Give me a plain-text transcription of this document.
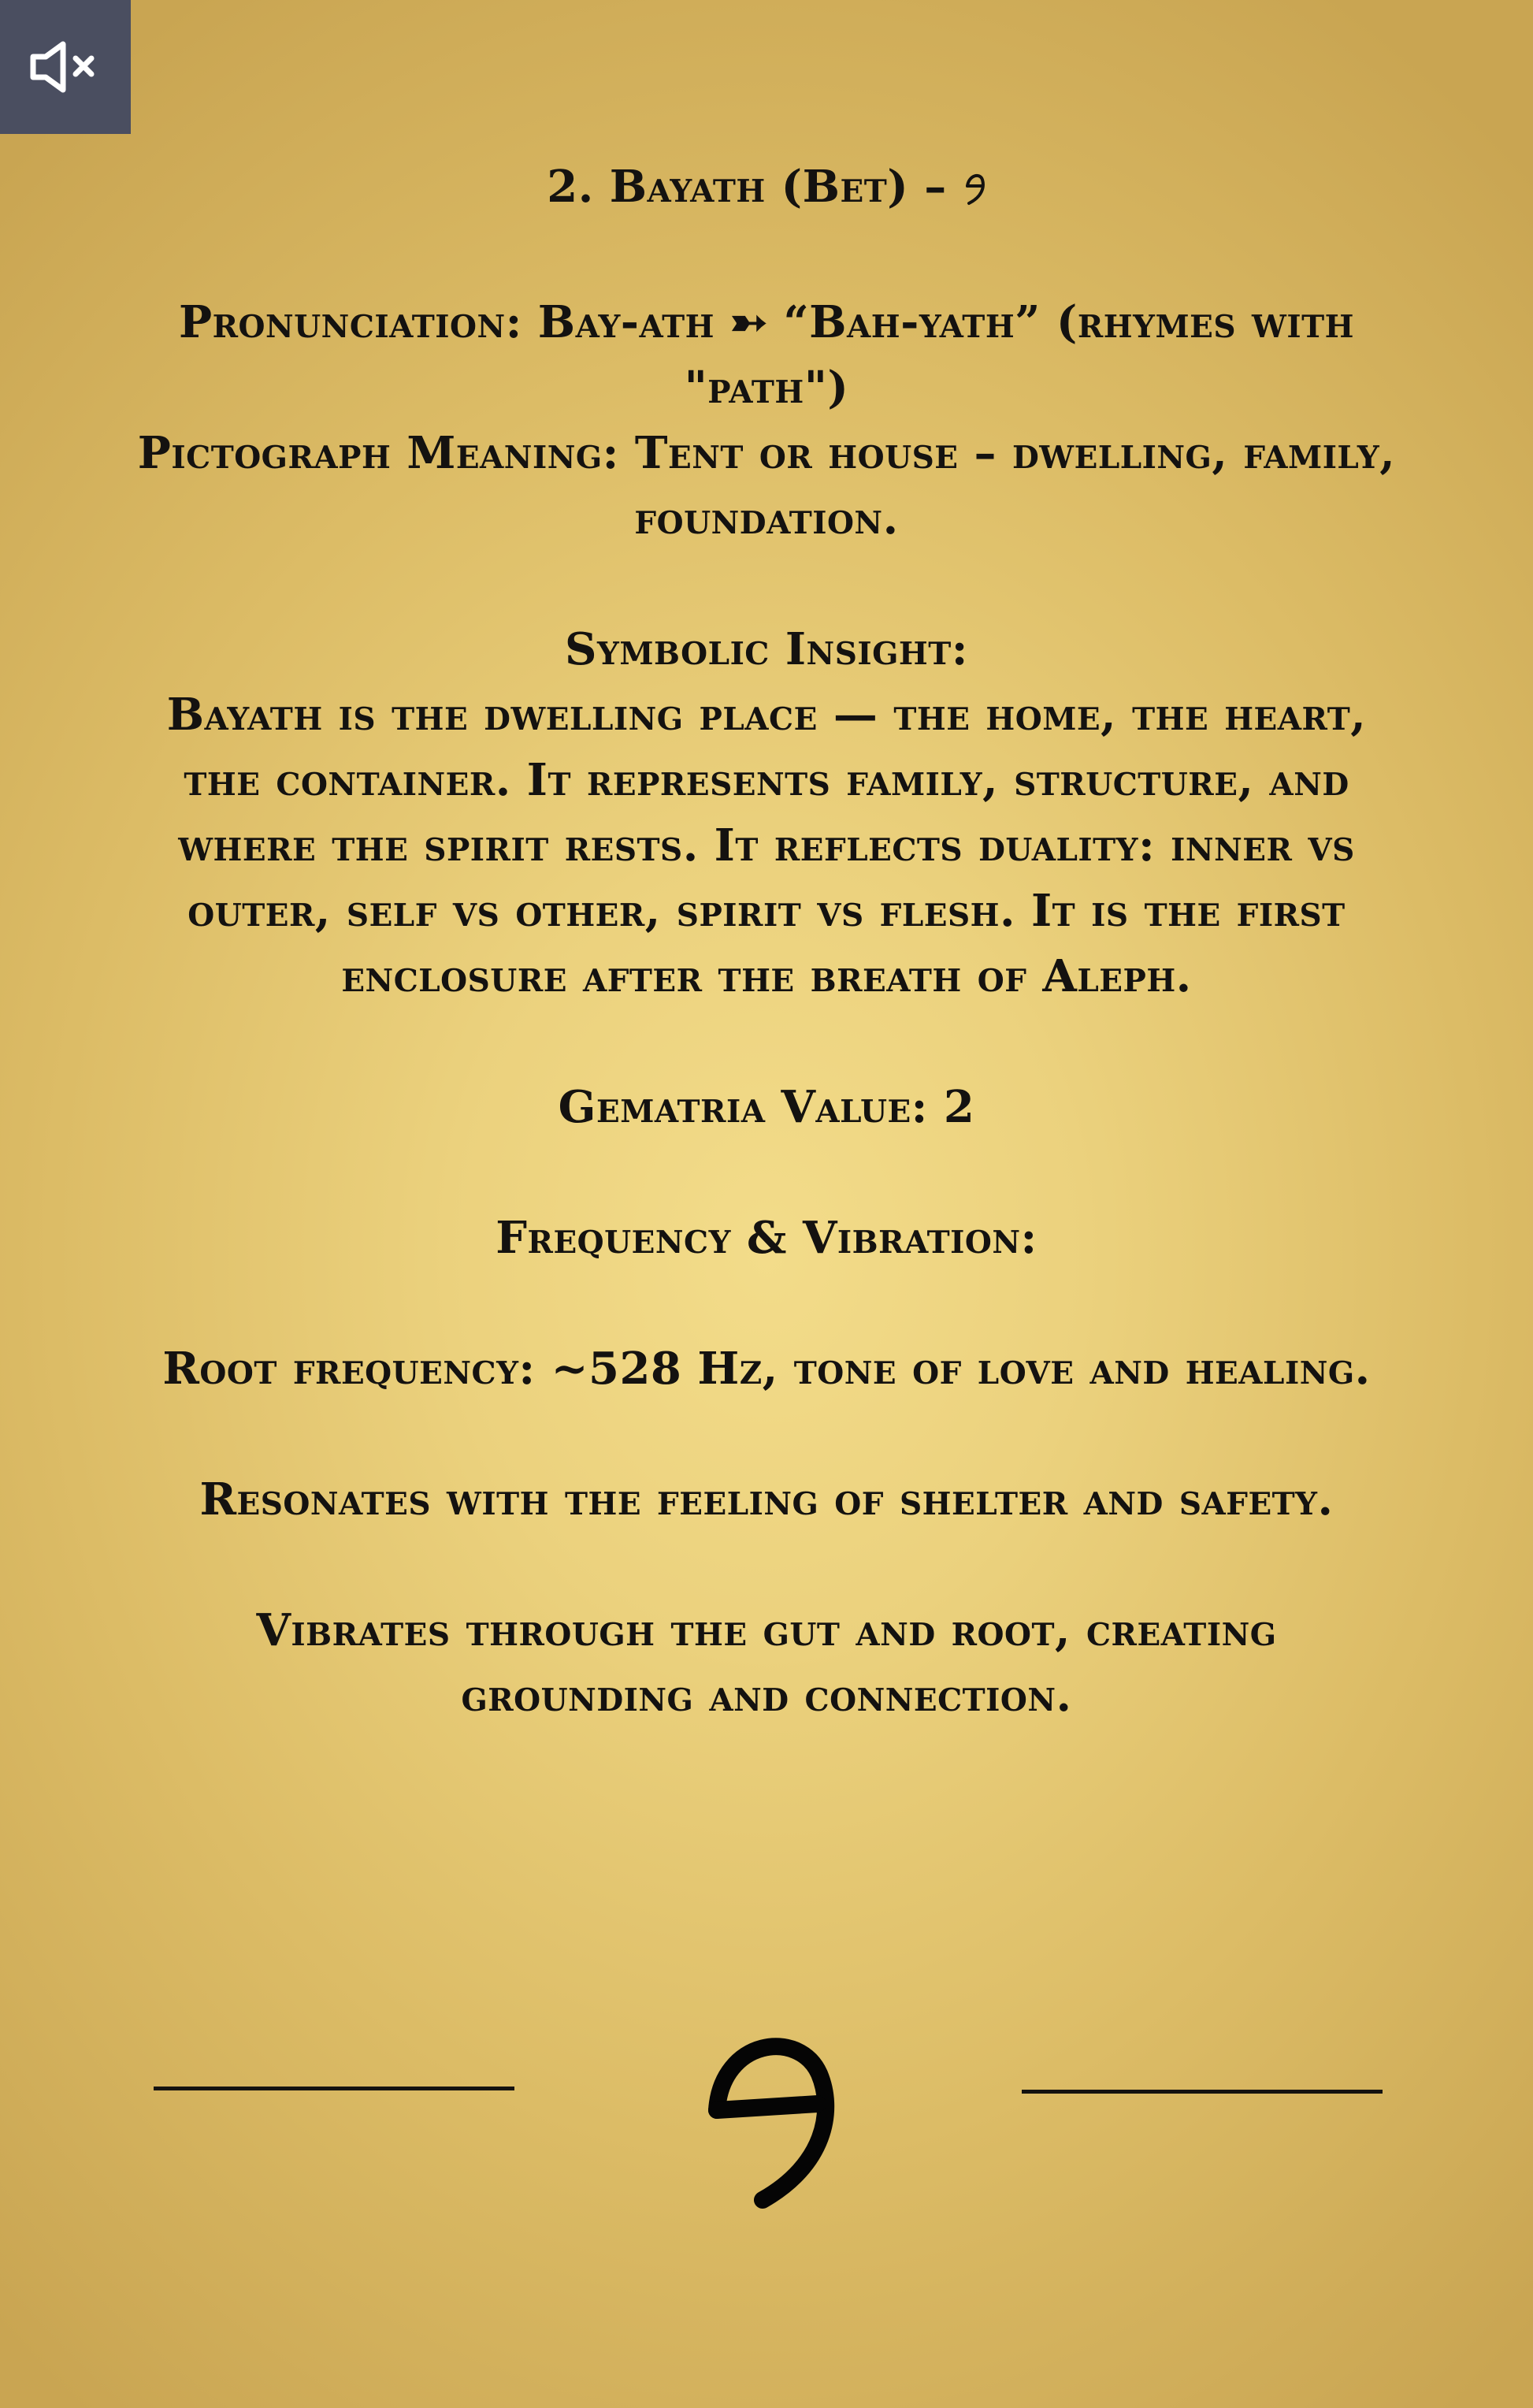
2. Bayath (Bet) –

Pronunciation: Bay-ath ➳ “Bah-yath” (rhymes with "path")

Pictograph Meaning: Tent or house – dwelling, family, foundation.

Symbolic Insight:

Bayath is the dwelling place — the home, the heart, the container. It represents family, structure, and where the spirit rests. It reflects duality: inner vs outer, self vs other, spirit vs flesh. It is the first enclosure after the breath of Aleph.

Gematria Value: 2

Frequency & Vibration:

Root frequency: ~528 Hz, tone of love and healing.

Resonates with the feeling of shelter and safety.

Vibrates through the gut and root, creating grounding and connection.
